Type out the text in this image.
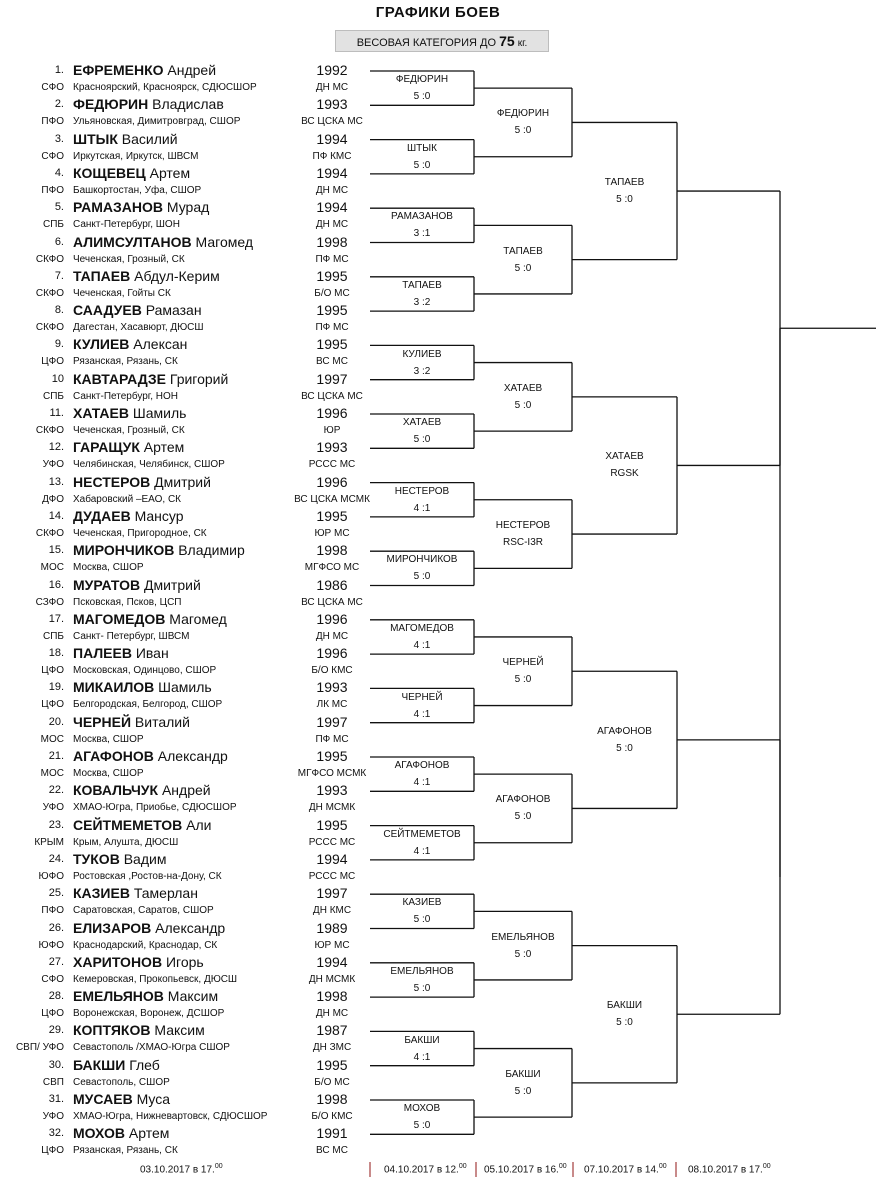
ГРАФИКИ БОЕВ
ВЕСОВАЯ КАТЕГОРИЯ ДО 75 кг.
1. ЕФРЕМЕНКО Андрей	1992
СФО Красноярский, Красноярск, СДЮСШОР	ДН МС
2. ФЕДЮРИН Владислав	1993
ПФО Ульяновская, Димитровград, СШОР	ВС ЦСКА МС
3. ШТЫК Василий	1994
СФО Иркутская, Иркутск, ШВСМ	ПФ КМС
4. КОЩЕВЕЦ Артем	1994
ПФО Башкортостан, Уфа, СШОР	ДН МС
5. РАМАЗАНОВ Мурад	1994
СПБ Санкт-Петербург, ШОН	ДН МС
6. АЛИМСУЛТАНОВ Магомед	1998
СКФО Чеченская, Грозный, СК	ПФ МС
7. ТАПАЕВ Абдул-Керим	1995
СКФО Чеченская, Гойты СК	Б/О МС
8. СААДУЕВ Рамазан	1995
СКФО Дагестан, Хасавюрт, ДЮСШ	ПФ МС
9. КУЛИЕВ Алексан	1995
ЦФО Рязанская, Рязань, СК	ВС МС
10 КАВТАРАДЗЕ Григорий	1997
СПБ Санкт-Петербург, НОН	ВС ЦСКА МС
11. ХАТАЕВ Шамиль	1996
СКФО Чеченская, Грозный, СК	ЮР
12. ГАРАЩУК Артем	1993
УФО Челябинская, Челябинск, СШОР	РССС МС
13. НЕСТЕРОВ Дмитрий	1996
ДФО Хабаровский –ЕАО, СК	ВС ЦСКА МСМК
14. ДУДАЕВ Мансур	1995
СКФО Чеченская, Пригородное, СК	ЮР МС
15. МИРОНЧИКОВ Владимир	1998
МОС Москва, СШОР	МГФСО МС
16. МУРАТОВ Дмитрий	1986
СЗФО Псковская, Псков, ЦСП	ВС ЦСКА МС
17. МАГОМЕДОВ Магомед	1996
СПБ Санкт- Петербург, ШВСМ	ДН МС
18. ПАЛЕЕВ Иван	1996
ЦФО Московская, Одинцово, СШОР	Б/О КМС
19. МИКАИЛОВ Шамиль	1993
ЦФО Белгородская, Белгород, СШОР	ЛК МС
20. ЧЕРНЕЙ Виталий	1997
МОС Москва, СШОР	ПФ МС
21. АГАФОНОВ Александр	1995
МОС Москва, СШОР	МГФСО МСМК
22. КОВАЛЬЧУК Андрей	1993
УФО ХМАО-Югра, Приобье, СДЮСШОР	ДН МСМК
23. СЕЙТМЕМЕТОВ Али	1995
КРЫМ Крым, Алушта, ДЮСШ	РССС МС
24. ТУКОВ Вадим	1994
ЮФО Ростовская ,Ростов-на-Дону, СК	РССС МС
25. КАЗИЕВ Тамерлан	1997
ПФО Саратовская, Саратов, СШОР	ДН КМС
26. ЕЛИЗАРОВ Александр	1989
ЮФО Краснодарский, Краснодар, СК	ЮР МС
27. ХАРИТОНОВ Игорь	1994
СФО Кемеровская, Прокопьевск, ДЮСШ	ДН МСМК
28. ЕМЕЛЬЯНОВ Максим	1998
ЦФО Воронежская, Воронеж, ДСШОР	ДН МС
29. КОПТЯКОВ Максим	1987
СВП/ УФО Севастополь /ХМАО-Югра СШОР	ДН ЗМС
30. БАКШИ Глеб	1995
СВП Севастополь, СШОР	Б/О МС
31. МУСАЕВ Муса	1998
УФО ХМАО-Югра, Нижневартовск, СДЮСШОР	Б/О КМС
32. МОХОВ Артем	1991
ЦФО Рязанская, Рязань, СК	ВС МС
ФЕДЮРИН
5 :0
ШТЫК
5 :0
РАМАЗАНОВ
3 :1
ТАПАЕВ
3 :2
КУЛИЕВ
3 :2
ХАТАЕВ
5 :0
НЕСТЕРОВ
4 :1
МИРОНЧИКОВ
5 :0
МАГОМЕДОВ
4 :1
ЧЕРНЕЙ
4 :1
АГАФОНОВ
4 :1
СЕЙТМЕМЕТОВ
4 :1
КАЗИЕВ
5 :0
ЕМЕЛЬЯНОВ
5 :0
БАКШИ
4 :1
МОХОВ
5 :0
ФЕДЮРИН
5 :0
ТАПАЕВ
5 :0
ХАТАЕВ
5 :0
НЕСТЕРОВ
RSC-I3R
ЧЕРНЕЙ
5 :0
АГАФОНОВ
5 :0
ЕМЕЛЬЯНОВ
5 :0
БАКШИ
5 :0
ТАПАЕВ
5 :0
ХАТАЕВ
RGSK
АГАФОНОВ
5 :0
БАКШИ
5 :0
03.10.2017 в 17.00	04.10.2017 в 12.00 05.10.2017 в 16.00 07.10.2017 в 14.00 08.10.2017 в 17.00
